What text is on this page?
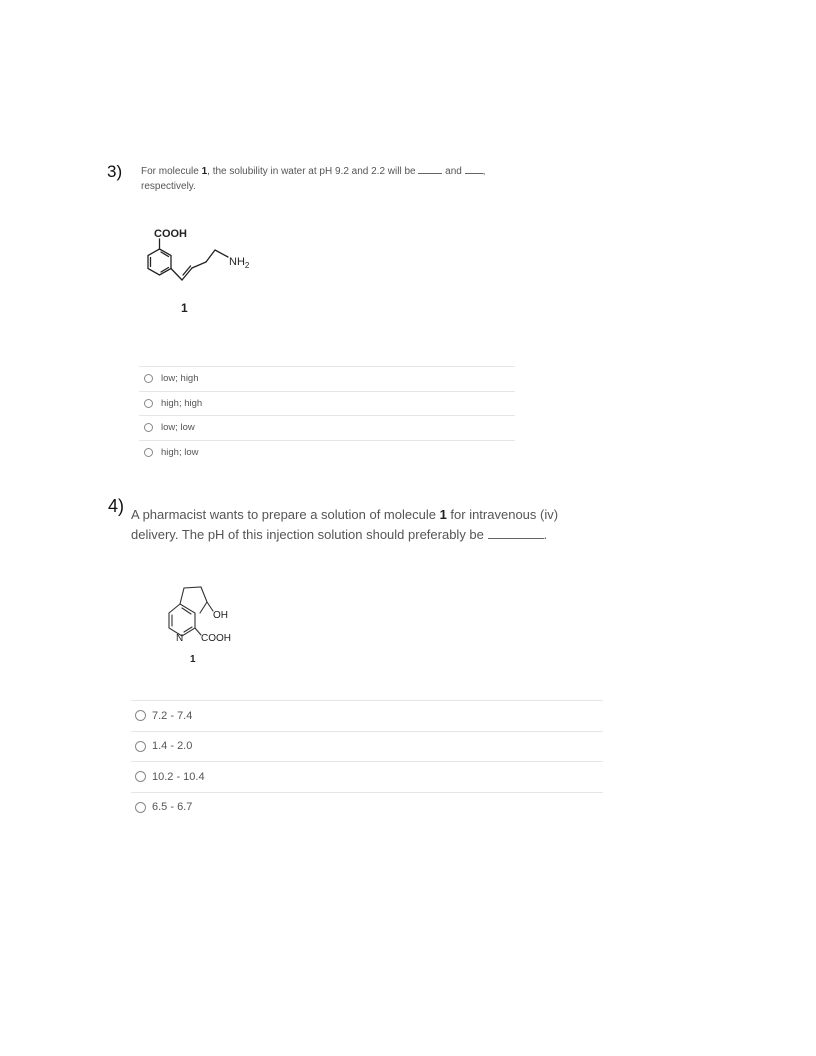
3) For molecule 1, the solubility in water at pH 9.2 and 2.2 will be	and ,
respectively.
COOH
$NH_2$
1
low; high
high; high
low; low
high; low
4) A pharmacist wants to prepare a solution of molecule 1 for intravenous (iv)
delivery. The pH of this injection solution should preferably be	.
OH
N COOH
1
7.2 - 7.4
1.4 - 2.0
10.2 - 10.4
6.5 - 6.7
